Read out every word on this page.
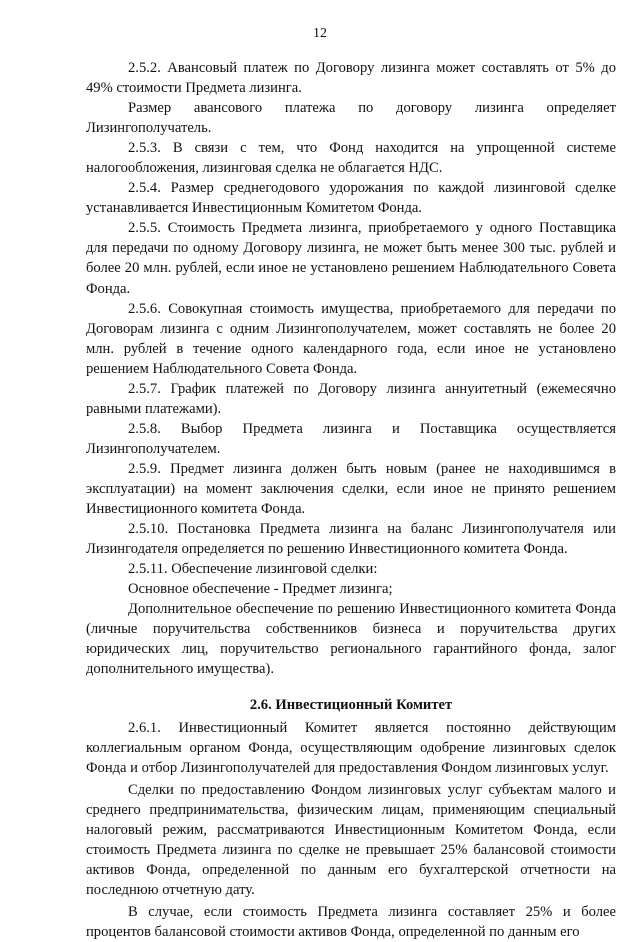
12

2.5.2. Авансовый платеж по Договору лизинга может составлять от 5% до 49% стоимости Предмета лизинга.

Размер авансового платежа по договору лизинга определяет Лизингополучатель.

2.5.3. В связи с тем, что Фонд находится на упрощенной системе налогообложения, лизинговая сделка не облагается НДС.

2.5.4. Размер среднегодового удорожания по каждой лизинговой сделке устанавливается Инвестиционным Комитетом Фонда.

2.5.5. Стоимость Предмета лизинга, приобретаемого у одного Поставщика для передачи по одному Договору лизинга, не может быть менее 300 тыс. рублей и более 20 млн. рублей, если иное не установлено решением Наблюдательного Совета Фонда.

2.5.6. Совокупная стоимость имущества, приобретаемого для передачи по Договорам лизинга с одним Лизингополучателем, может составлять не более 20 млн. рублей в течение одного календарного года, если иное не установлено решением Наблюдательного Совета Фонда.

2.5.7. График платежей по Договору лизинга аннуитетный (ежемесячно равными платежами).

2.5.8. Выбор Предмета лизинга и Поставщика осуществляется Лизингополучателем.

2.5.9. Предмет лизинга должен быть новым (ранее не находившимся в эксплуатации) на момент заключения сделки, если иное не принято решением Инвестиционного комитета Фонда.

2.5.10. Постановка Предмета лизинга на баланс Лизингополучателя или Лизингодателя определяется по решению Инвестиционного комитета Фонда.

2.5.11. Обеспечение лизинговой сделки:

Основное обеспечение - Предмет лизинга;

Дополнительное обеспечение по решению Инвестиционного комитета Фонда (личные поручительства собственников бизнеса и поручительства других юридических лиц, поручительство регионального гарантийного фонда, залог дополнительного имущества).

2.6. Инвестиционный Комитет

2.6.1. Инвестиционный Комитет является постоянно действующим коллегиальным органом Фонда, осуществляющим одобрение лизинговых сделок Фонда и отбор Лизингополучателей для предоставления Фондом лизинговых услуг.

Сделки по предоставлению Фондом лизинговых услуг субъектам малого и среднего предпринимательства, физическим лицам, применяющим специальный налоговый режим, рассматриваются Инвестиционным Комитетом Фонда, если стоимость Предмета лизинга по сделке не превышает 25% балансовой стоимости активов Фонда, определенной по данным его бухгалтерской отчетности на последнюю отчетную дату.

В случае, если стоимость Предмета лизинга составляет 25% и более процентов балансовой стоимости активов Фонда, определенной по данным его
